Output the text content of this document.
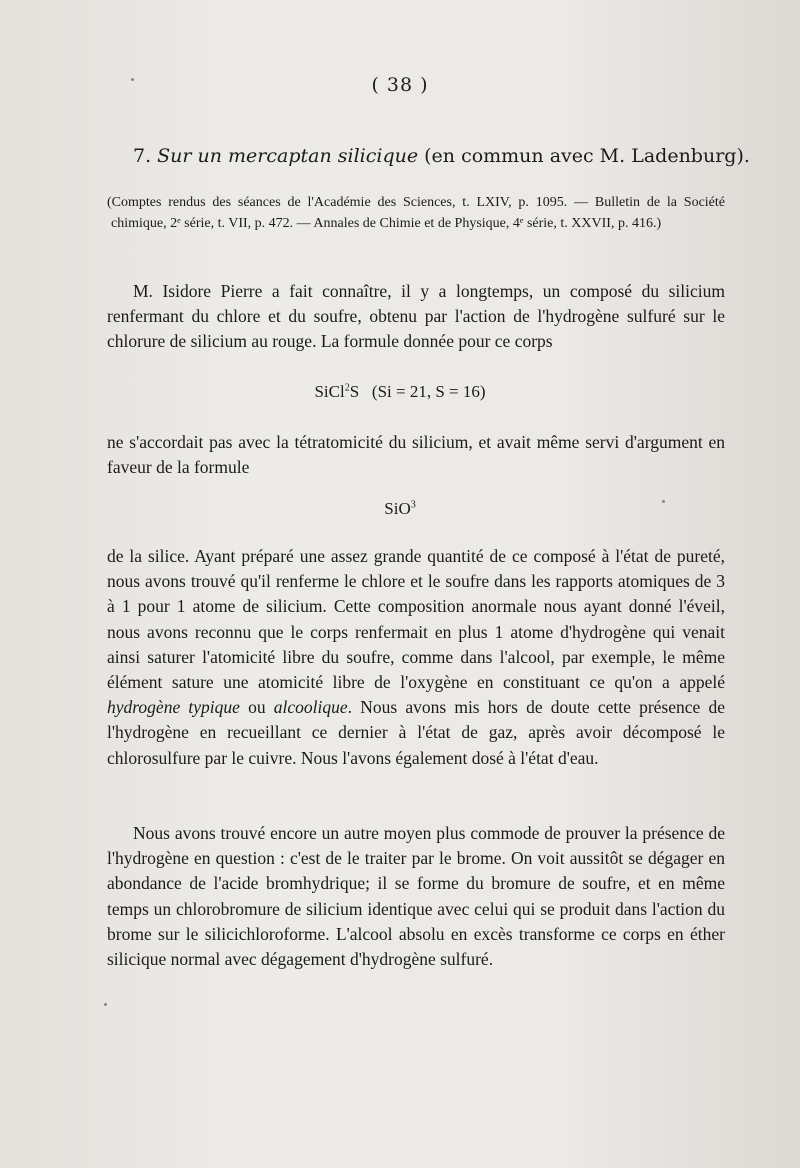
( 38 )
7. Sur un mercaptan silicique (en commun avec M. Ladenburg).

(Comptes rendus des séances de l'Académie des Sciences, t. LXIV, p. 1095. — Bulletin de la Société chimique, 2ᵉ série, t. VII, p. 472. — Annales de Chimie et de Physique, 4ᵉ série, t. XXVII, p. 416.)

M. Isidore Pierre a fait connaître, il y a longtemps, un composé du silicium renfermant du chlore et du soufre, obtenu par l'action de l'hydrogène sulfuré sur le chlorure de silicium au rouge. La formule donnée pour ce corps

SiCl$^2$S (Si = 21, S = 16)

ne s'accordait pas avec la tétratomicité du silicium, et avait même servi d'argument en faveur de la formule

SiO$^3$

de la silice. Ayant préparé une assez grande quantité de ce composé à l'état de pureté, nous avons trouvé qu'il renferme le chlore et le soufre dans les rapports atomiques de 3 à 1 pour 1 atome de silicium. Cette composition anormale nous ayant donné l'éveil, nous avons reconnu que le corps renfermait en plus 1 atome d'hydrogène qui venait ainsi saturer l'atomicité libre du soufre, comme dans l'alcool, par exemple, le même élément sature une atomicité libre de l'oxygène en constituant ce qu'on a appelé hydrogène typique ou alcoolique. Nous avons mis hors de doute cette présence de l'hydrogène en recueillant ce dernier à l'état de gaz, après avoir décomposé le chlorosulfure par le cuivre. Nous l'avons également dosé à l'état d'eau.

Nous avons trouvé encore un autre moyen plus commode de prouver la présence de l'hydrogène en question : c'est de le traiter par le brome. On voit aussitôt se dégager en abondance de l'acide bromhydrique; il se forme du bromure de soufre, et en même temps un chlorobromure de silicium identique avec celui qui se produit dans l'action du brome sur le silicichloroforme. L'alcool absolu en excès transforme ce corps en éther silicique normal avec dégagement d'hydrogène sulfuré.
